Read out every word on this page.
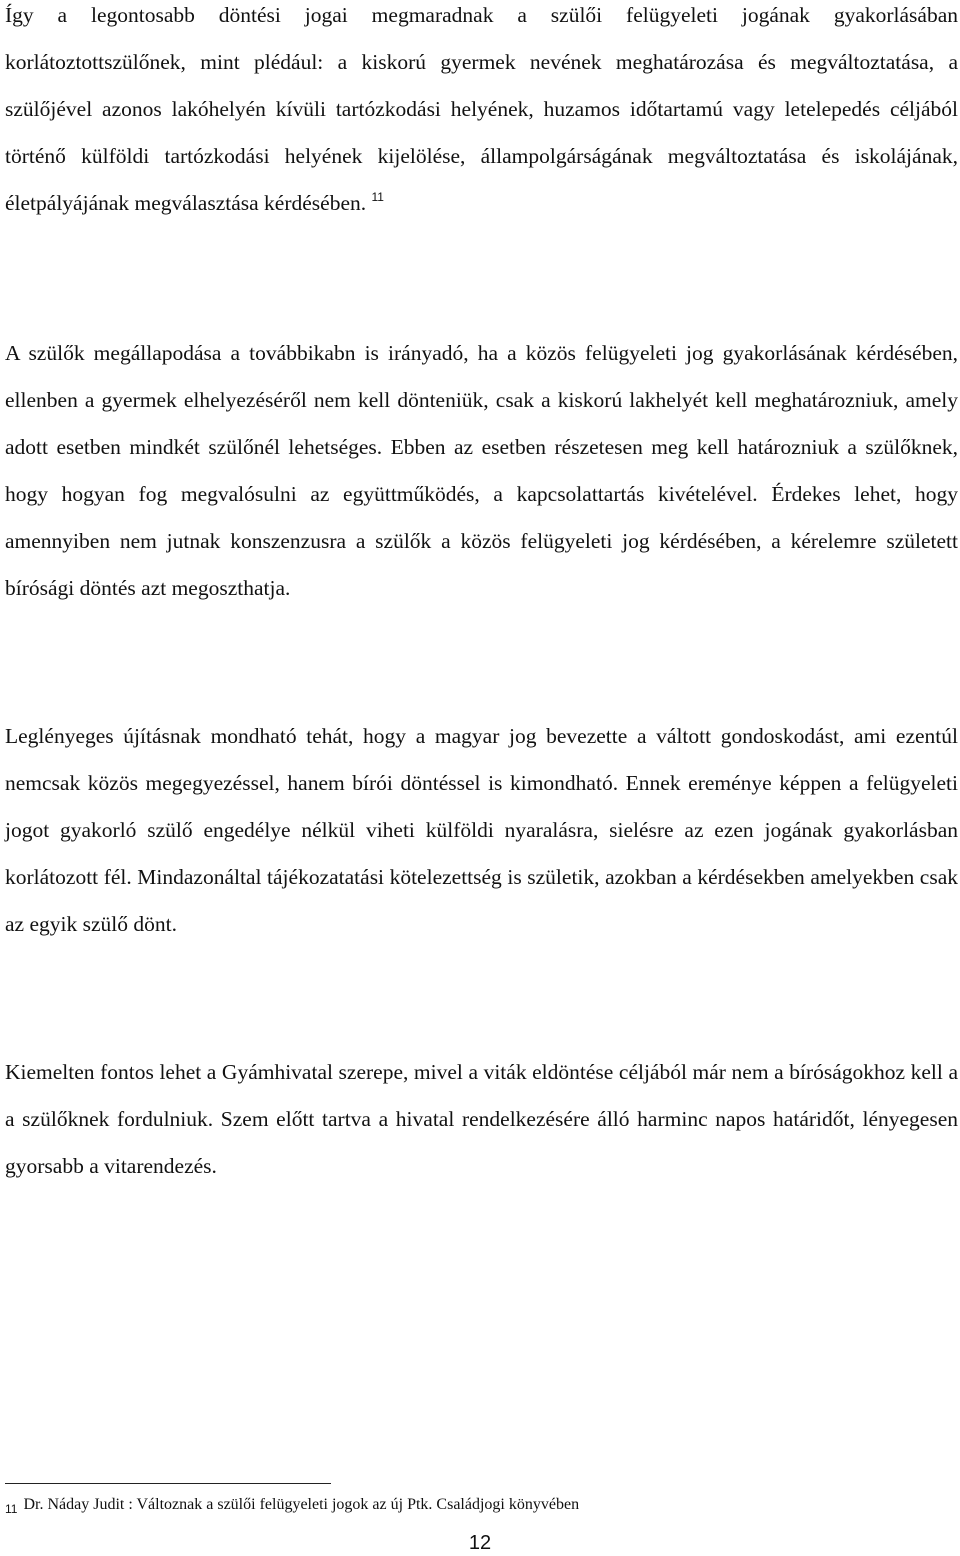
Így a legontosabb döntési jogai megmaradnak a szülői felügyeleti jogának gyakorlásában korlátoztottszülőnek, mint plédául: a kiskorú gyermek nevének meghatározása és megváltoztatása, a szülőjével azonos lakóhelyén kívüli tartózkodási helyének, huzamos időtartamú vagy letelepedés céljából történő külföldi tartózkodási helyének kijelölése, állampolgárságának megváltoztatása és iskolájának, életpályájának megválasztása kérdésében. $^{11}$

A szülők megállapodása a továbbikabn is irányadó, ha a közös felügyeleti jog gyakorlásának kérdésében, ellenben a gyermek elhelyezéséről nem kell dönteniük, csak a kiskorú lakhelyét kell meghatározniuk, amely adott esetben mindkét szülőnél lehetséges. Ebben az esetben részetesen meg kell határozniuk a szülőknek, hogy hogyan fog megvalósulni az együttműködés, a kapcsolattartás kivételével. Érdekes lehet, hogy amennyiben nem jutnak konszenzusra a szülők a közös felügyeleti jog kérdésében, a kérelemre született bírósági döntés azt megoszthatja.

Leglényeges újításnak mondható tehát, hogy a magyar jog bevezette a váltott gondoskodást, ami ezentúl nemcsak közös megegyezéssel, hanem bírói döntéssel is kimondható. Ennek ereménye képpen a felügyeleti jogot gyakorló szülő engedélye nélkül viheti külföldi nyaralásra, sielésre az ezen jogának gyakorlásban korlátozott fél. Mindazonáltal tájékozatatási kötelezettség is születik, azokban a kérdésekben amelyekben csak az egyik szülő dönt.

Kiemelten fontos lehet a Gyámhivatal szerepe, mivel a viták eldöntése céljából már nem a bíróságokhoz kell a a szülőknek fordulniuk. Szem előtt tartva a hivatal rendelkezésére álló harminc napos határidőt, lényegesen gyorsabb a vitarendezés.

$_{11}$ Dr. Náday Judit : Változnak a szülői felügyeleti jogok az új Ptk. Családjogi könyvében
12
